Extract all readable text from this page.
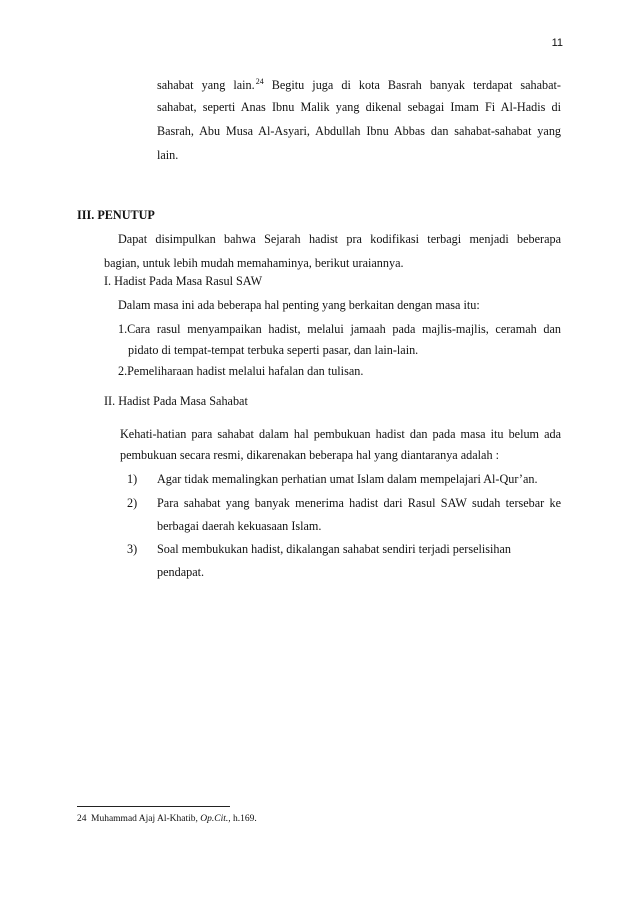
11
sahabat yang lain.$^{24}$ Begitu juga di kota Basrah banyak terdapat sahabat-
sahabat, seperti Anas Ibnu Malik yang dikenal sebagai Imam Fi Al-Hadis di
Basrah, Abu Musa Al-Asyari, Abdullah Ibnu Abbas dan sahabat-sahabat yang
lain.
III. PENUTUP
Dapat disimpulkan bahwa Sejarah hadist pra kodifikasi terbagi menjadi beberapa
bagian, untuk lebih mudah memahaminya, berikut uraiannya.
I. Hadist Pada Masa Rasul SAW
Dalam masa ini ada beberapa hal penting yang berkaitan dengan masa itu:
1.Cara rasul menyampaikan hadist, melalui jamaah pada majlis-majlis, ceramah dan
pidato di tempat-tempat terbuka seperti pasar, dan lain-lain.
2.Pemeliharaan hadist melalui hafalan dan tulisan.
II. Hadist Pada Masa Sahabat
Kehati-hatian para sahabat dalam hal pembukuan hadist dan pada masa itu belum ada
pembukuan secara resmi, dikarenakan beberapa hal yang diantaranya adalah :
1) Agar tidak memalingkan perhatian umat Islam dalam mempelajari Al-Qur’an.
2) Para sahabat yang banyak menerima hadist dari Rasul SAW sudah tersebar ke
berbagai daerah kekuasaan Islam.
3) Soal membukukan hadist, dikalangan sahabat sendiri terjadi perselisihan
pendapat.
24 Muhammad Ajaj Al-Khatib, Op.Cit., h.169.
